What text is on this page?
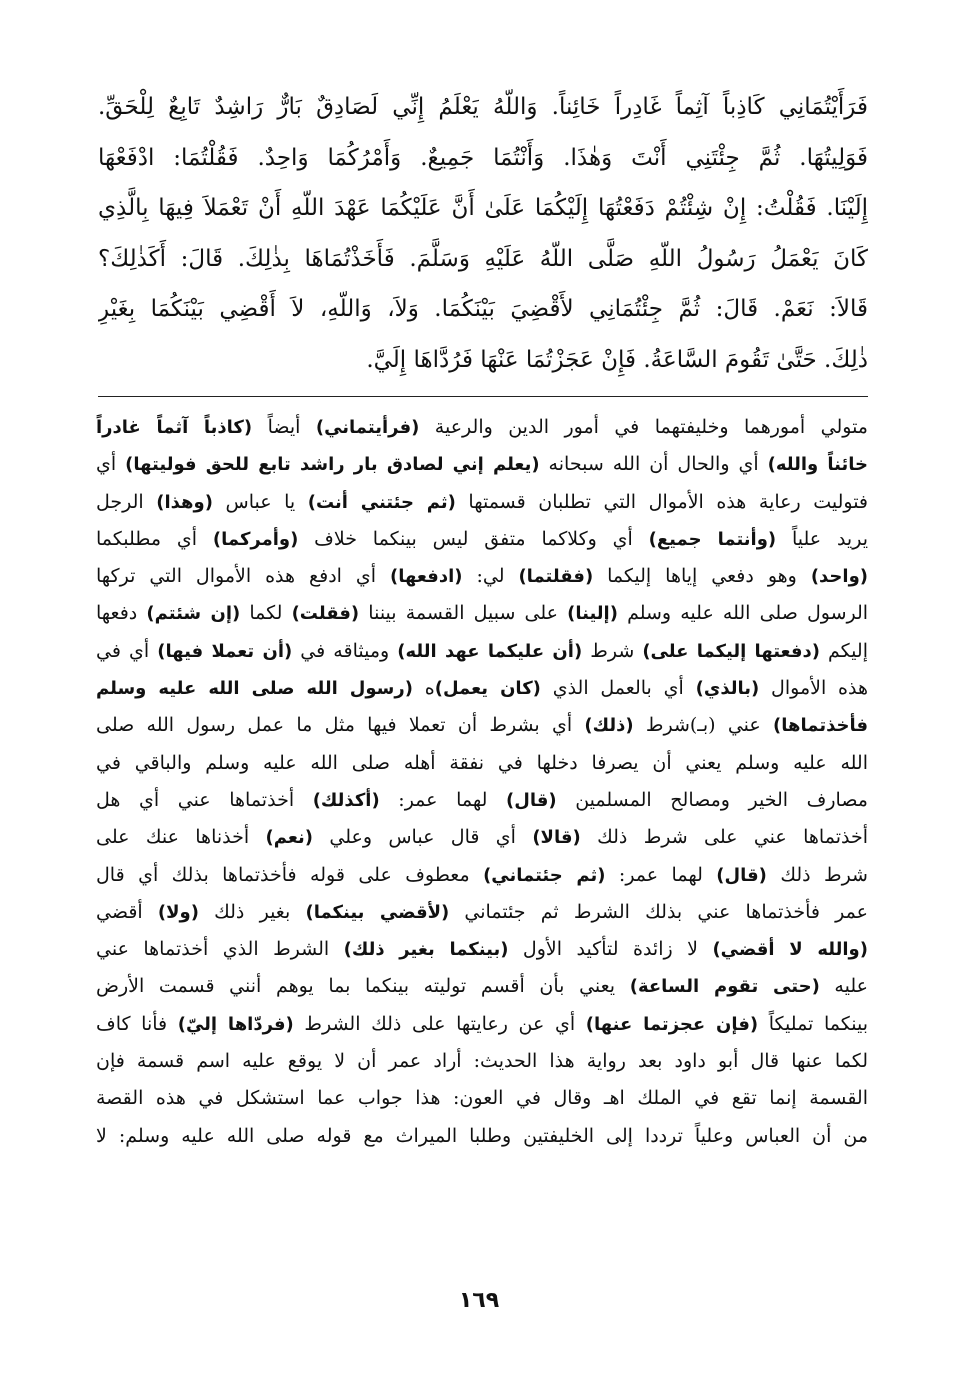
فَرَأَيْتُمَانِي كَاذِباً آثِماً غَادِراً خَائِناً. وَاللّهُ يَعْلَمُ إِنِّي لَصَادِقٌ بَارٌّ رَاشِدٌ تَابِعٌ لِلْحَقِّ.
فَوَلِيتُهَا. ثُمَّ جِئْتَنِي أَنْتَ وَهٰذَا. وَأَنْتُمَا جَمِيعٌ. وَأَمْرُكُمَا وَاحِدٌ. فَقُلْتُمَا: ادْفَعْهَا
إِلَيْنَا. فَقُلْتُ: إِنْ شِئْتُمْ دَفَعْتُهَا إِلَيْكُمَا عَلَىٰ أَنَّ عَلَيْكُمَا عَهْدَ اللّهِ أَنْ تَعْمَلاَ فِيهَا بِالَّذِي
كَانَ يَعْمَلُ رَسُولُ اللّهِ صَلَّى اللّهُ عَلَيْهِ وَسَلَّمَ. فَأَخَذْتُمَاهَا بِذٰلِكَ. قَالَ: أَكَذٰلِكَ؟
قَالاَ: نَعَمْ. قَالَ: ثُمَّ جِئْتُمَانِي لأَقْضِيَ بَيْنَكُمَا. وَلاَ، وَاللّهِ، لاَ أَقْضِي بَيْنَكُمَا بِغَيْرِ
ذٰلِكَ. حَتَّىٰ تَقُومَ السَّاعَةُ. فَإِنْ عَجَزْتُمَا عَنْهَا فَرُدَّاهَا إِلَيَّ.
متولي أمورهما وخليفتهما في أمور الدين والرعية (فرأيتماني) أيضاً (كاذباً آثماً غادراً
خائناً والله) أي والحال أن الله سبحانه (يعلم إني لصادق بار راشد تابع للحق فوليتها) أي
فتوليت رعاية هذه الأموال التي تطلبان قسمتها (ثم جئتني أنت) يا عباس (وهذا) الرجل
يريد علياً (وأنتما جميع) أي وكلاكما متفق ليس بينكما خلاف (وأمركما) أي مطلبكما
(واحد) وهو دفعي إياها إليكما (فقلتما) لي: (ادفعها) أي ادفع هذه الأموال التي تركها
الرسول صلى الله عليه وسلم (إلينا) على سبيل القسمة بيننا (فقلت) لكما (إن شئتم) دفعها
إليكم (دفعتها إليكما على) شرط (أن عليكما عهد الله) وميثاقه في (أن تعملا فيها) أي في
هذه الأموال (بالذي) أي بالعمل الذي (كان يعمل)ه (رسول الله صلى الله عليه وسلم
فأخذتماها) عني (بـ)شرط (ذلك) أي بشرط أن تعملا فيها مثل ما عمل رسول الله صلى
الله عليه وسلم يعني أن يصرفا دخلها في نفقة أهله صلى الله عليه وسلم والباقي في
مصارف الخير ومصالح المسلمين (قال) لهما عمر: (أكذلك) أخذتماها عني أي هل
أخذتماها عني على شرط ذلك (قالا) أي قال عباس وعلي (نعم) أخذناها عنك على
شرط ذلك (قال) لهما عمر: (ثم جئتماني) معطوف على قوله فأخذتماها بذلك أي قال
عمر فأخذتماها عني بذلك الشرط ثم جئتماني (لأقضي بينكما) بغير ذلك (ولا) أقضي
(والله لا أقضي) لا زائدة لتأكيد الأول (بينكما بغير ذلك) الشرط الذي أخذتماها عني
عليه (حتى تقوم الساعة) يعني بأن أقسم توليته بينكما بما يوهم أنني قسمت الأرض
بينكما تمليكاً (فإن عجزتما عنها) أي عن رعايتها على ذلك الشرط (فردّاها إليّ) فأنا كاف
لكما عنها قال أبو داود بعد رواية هذا الحديث: أراد عمر أن لا يوقع عليه اسم قسمة فإن
القسمة إنما تقع في الملك اهـ وقال في العون: هذا جواب عما استشكل في هذه القصة
من أن العباس وعلياً ترددا إلى الخليفتين وطلبا الميراث مع قوله صلى الله عليه وسلم: لا
١٦٩
